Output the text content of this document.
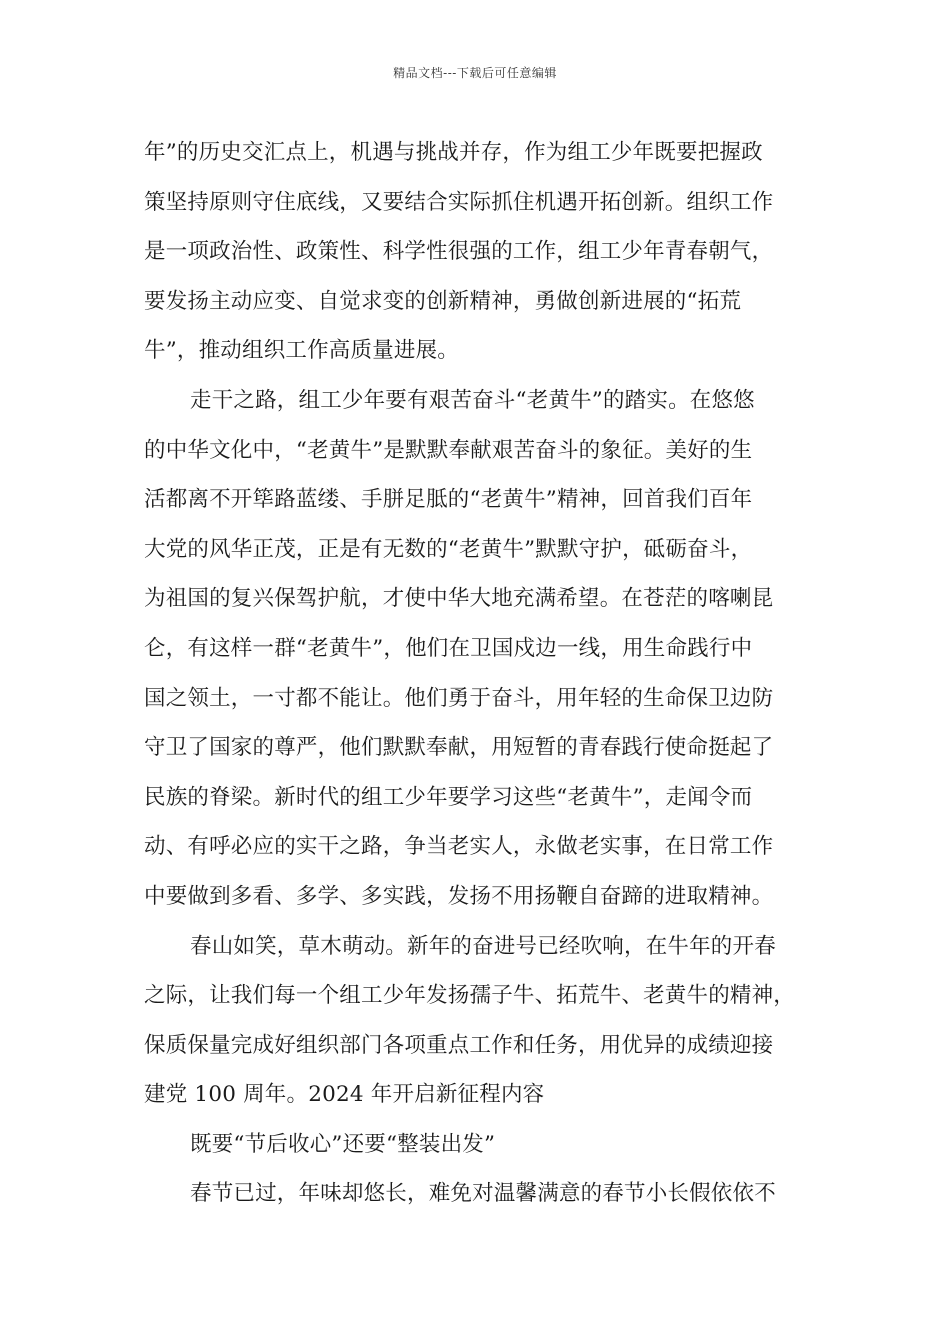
精品文档---下载后可任意编辑
年”的历史交汇点上，机遇与挑战并存，作为组工少年既要把握政
策坚持原则守住底线，又要结合实际抓住机遇开拓创新。组织工作
是一项政治性、政策性、科学性很强的工作，组工少年青春朝气，
要发扬主动应变、自觉求变的创新精神，勇做创新进展的“拓荒
牛”，推动组织工作高质量进展。
走干之路，组工少年要有艰苦奋斗“老黄牛”的踏实。在悠悠
的中华文化中，“老黄牛”是默默奉献艰苦奋斗的象征。美好的生
活都离不开筚路蓝缕、手胼足胝的“老黄牛”精神，回首我们百年
大党的风华正茂，正是有无数的“老黄牛”默默守护，砥砺奋斗，
为祖国的复兴保驾护航，才使中华大地充满希望。在苍茫的喀喇昆
仑，有这样一群“老黄牛”，他们在卫国戍边一线，用生命践行中
国之领土，一寸都不能让。他们勇于奋斗，用年轻的生命保卫边防
守卫了国家的尊严，他们默默奉献，用短暂的青春践行使命挺起了
民族的脊梁。新时代的组工少年要学习这些“老黄牛”，走闻令而
动、有呼必应的实干之路，争当老实人，永做老实事，在日常工作
中要做到多看、多学、多实践，发扬不用扬鞭自奋蹄的进取精神。
春山如笑，草木萌动。新年的奋进号已经吹响，在牛年的开春
之际，让我们每一个组工少年发扬孺子牛、拓荒牛、老黄牛的精神，
保质保量完成好组织部门各项重点工作和任务，用优异的成绩迎接
建党 100 周年。2024 年开启新征程内容
既要“节后收心”还要“整装出发”
春节已过，年味却悠长，难免对温馨满意的春节小长假依依不
